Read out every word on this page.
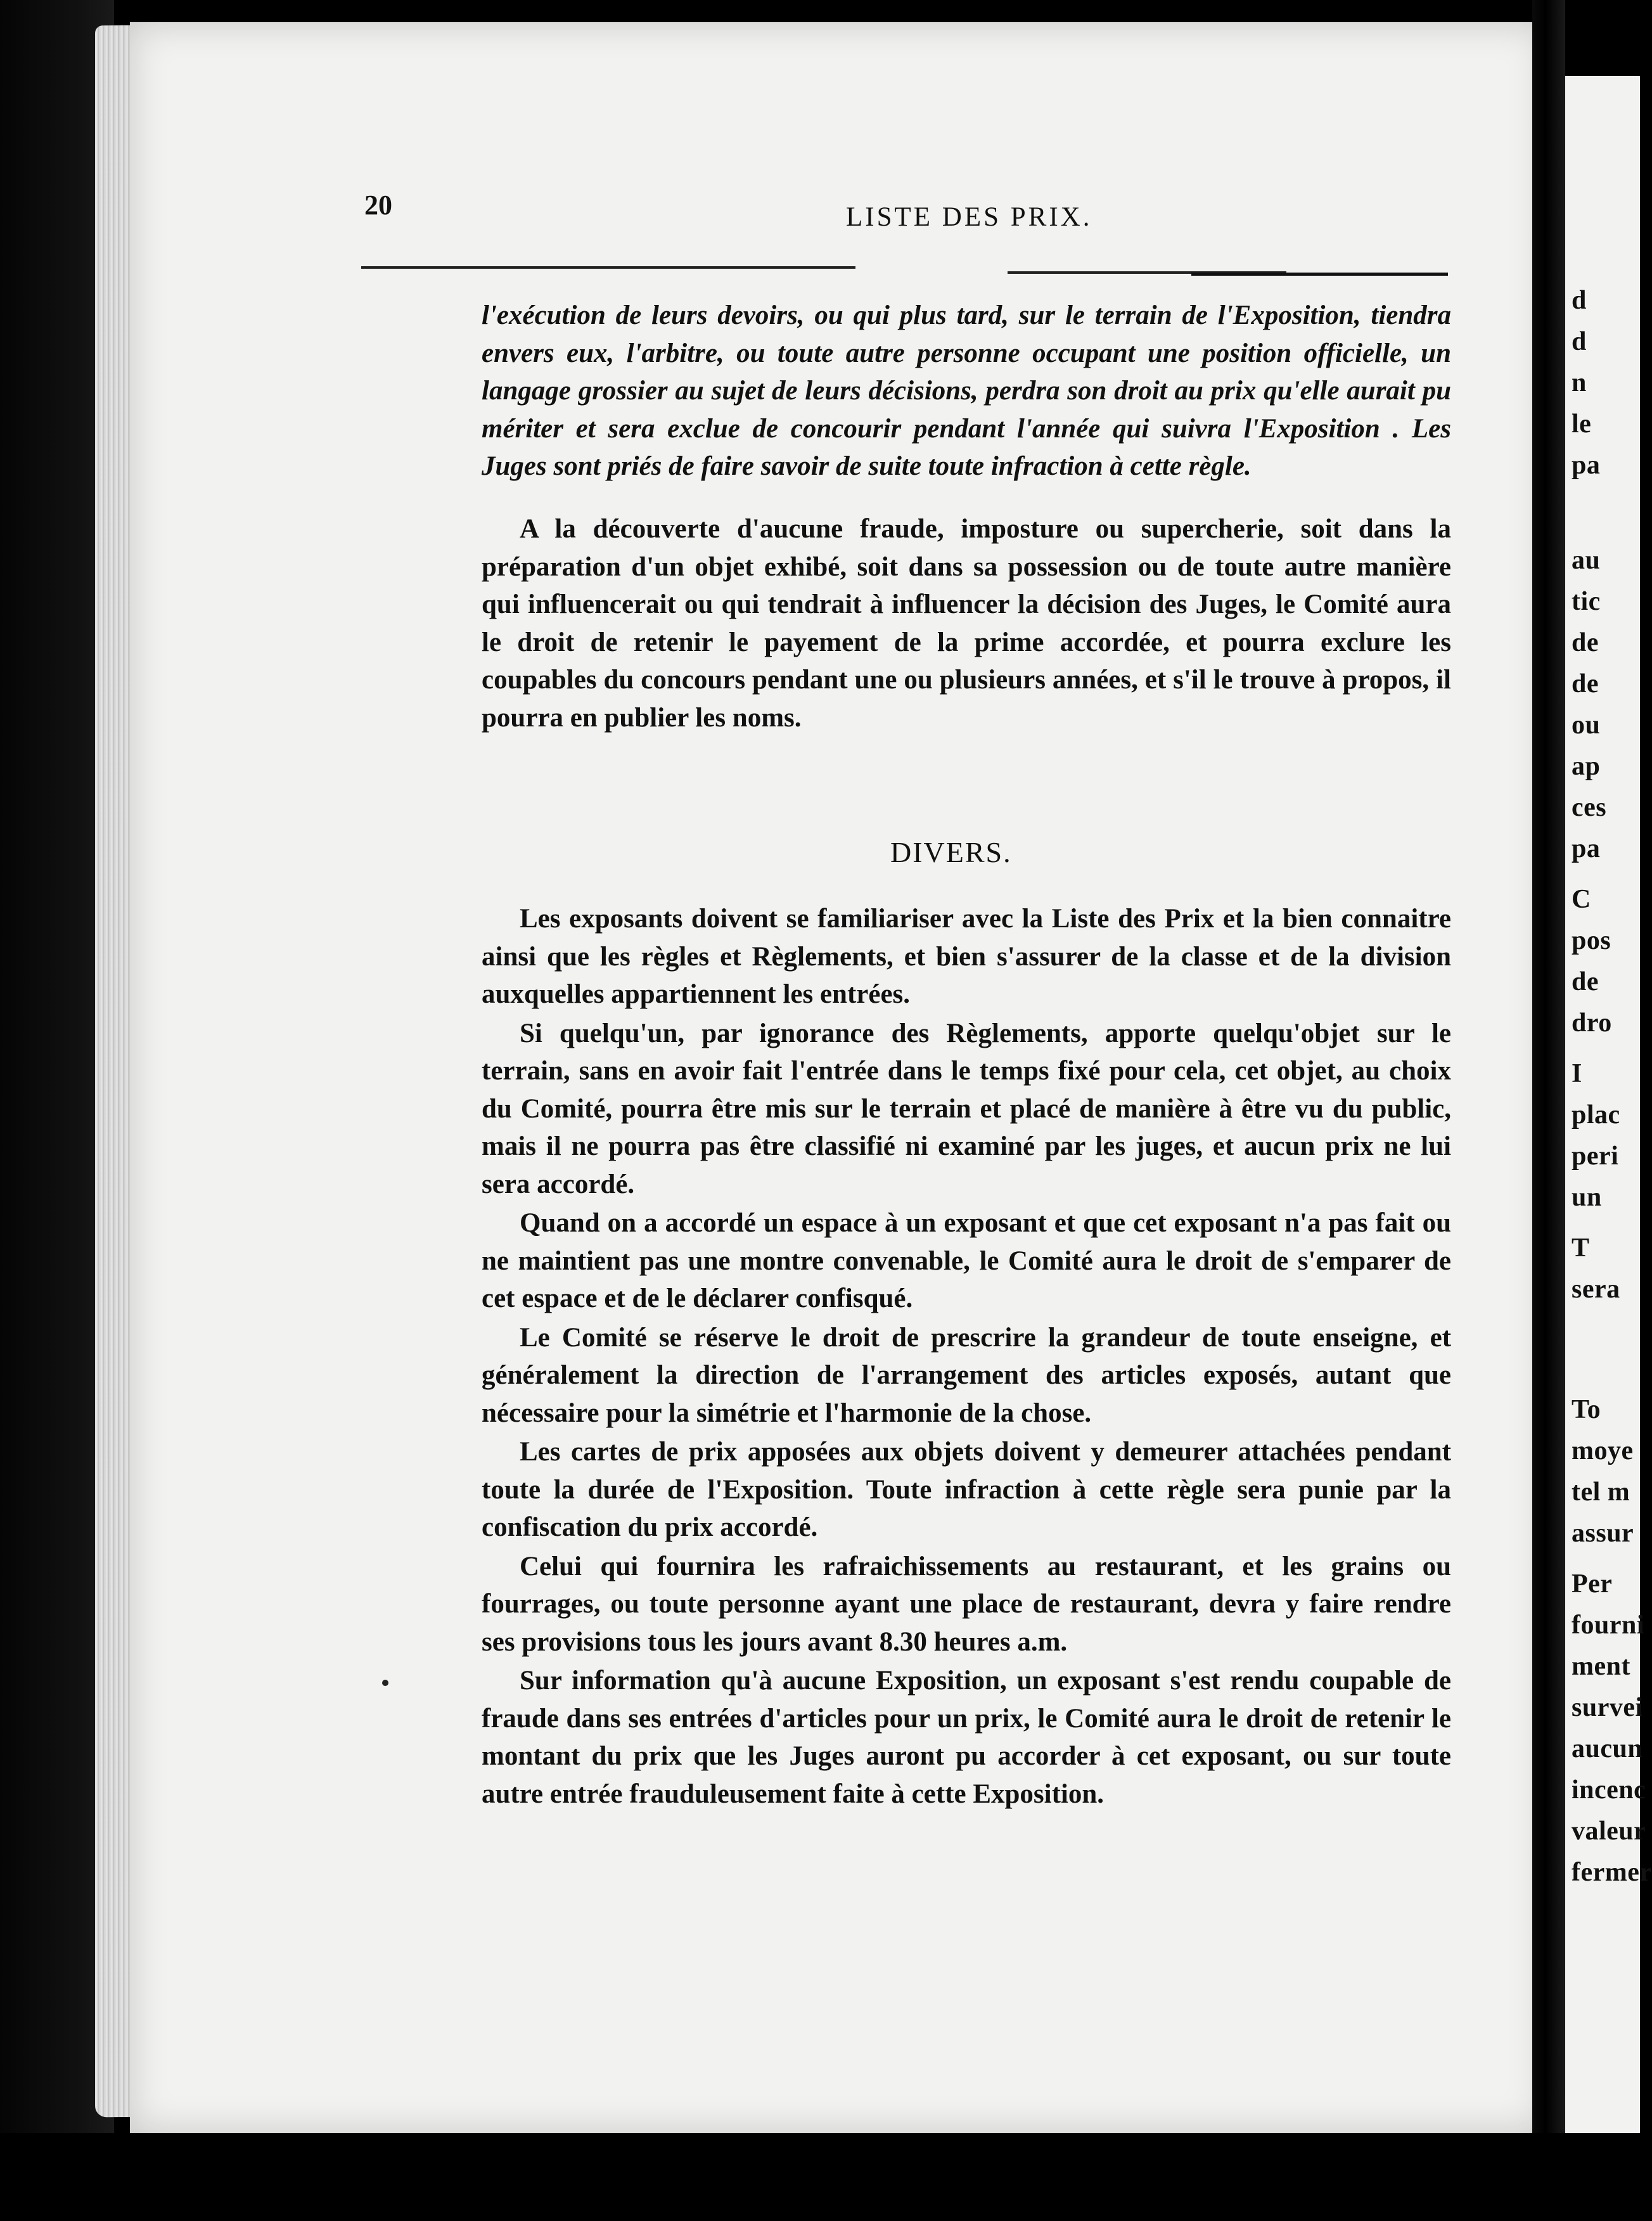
d
d
n
le
pa
au
tic
de
de
ou
ap
ces
pa
C
pos
de
dro
I
plac
peri
un
T
sera
To
moye
tel m
assur
Per
fourni
ment
survei
aucun
incenc
valeur
fermer
20	LISTE DES PRIX.

l'exécution de leurs devoirs, ou qui plus tard, sur le terrain de l'Exposition, tiendra envers eux, l'arbitre, ou toute autre personne occupant une position officielle, un langage grossier au sujet de leurs décisions, perdra son droit au prix qu'elle aurait pu mériter et sera exclue de concourir pendant l'année qui suivra l'Exposition . Les Juges sont priés de faire savoir de suite toute infraction à cette règle.

A la découverte d'aucune fraude, imposture ou supercherie, soit dans la préparation d'un objet exhibé, soit dans sa possession ou de toute autre manière qui influencerait ou qui tendrait à influencer la décision des Juges, le Comité aura le droit de retenir le payement de la prime accordée, et pourra exclure les coupables du concours pendant une ou plusieurs années, et s'il le trouve à propos, il pourra en publier les noms.

DIVERS.

Les exposants doivent se familiariser avec la Liste des Prix et la bien connaitre ainsi que les règles et Règlements, et bien s'assurer de la classe et de la division auxquelles appartiennent les entrées.

Si quelqu'un, par ignorance des Règlements, apporte quelqu'objet sur le terrain, sans en avoir fait l'entrée dans le temps fixé pour cela, cet objet, au choix du Comité, pourra être mis sur le terrain et placé de manière à être vu du public, mais il ne pourra pas être classifié ni examiné par les juges, et aucun prix ne lui sera accordé.

Quand on a accordé un espace à un exposant et que cet exposant n'a pas fait ou ne maintient pas une montre convenable, le Comité aura le droit de s'emparer de cet espace et de le déclarer confisqué.

Le Comité se réserve le droit de prescrire la grandeur de toute enseigne, et généralement la direction de l'arrangement des articles exposés, autant que nécessaire pour la simétrie et l'harmonie de la chose.

Les cartes de prix apposées aux objets doivent y demeurer attachées pendant toute la durée de l'Exposition. Toute infraction à cette règle sera punie par la confiscation du prix accordé.

Celui qui fournira les rafraichissements au restaurant, et les grains ou fourrages, ou toute personne ayant une place de restaurant, devra y faire rendre ses provisions tous les jours avant 8.30 heures a.m.

Sur information qu'à aucune Exposition, un exposant s'est rendu coupable de fraude dans ses entrées d'articles pour un prix, le Comité aura le droit de retenir le montant du prix que les Juges auront pu accorder à cet exposant, ou sur toute autre entrée frauduleusement faite à cette Exposition.
